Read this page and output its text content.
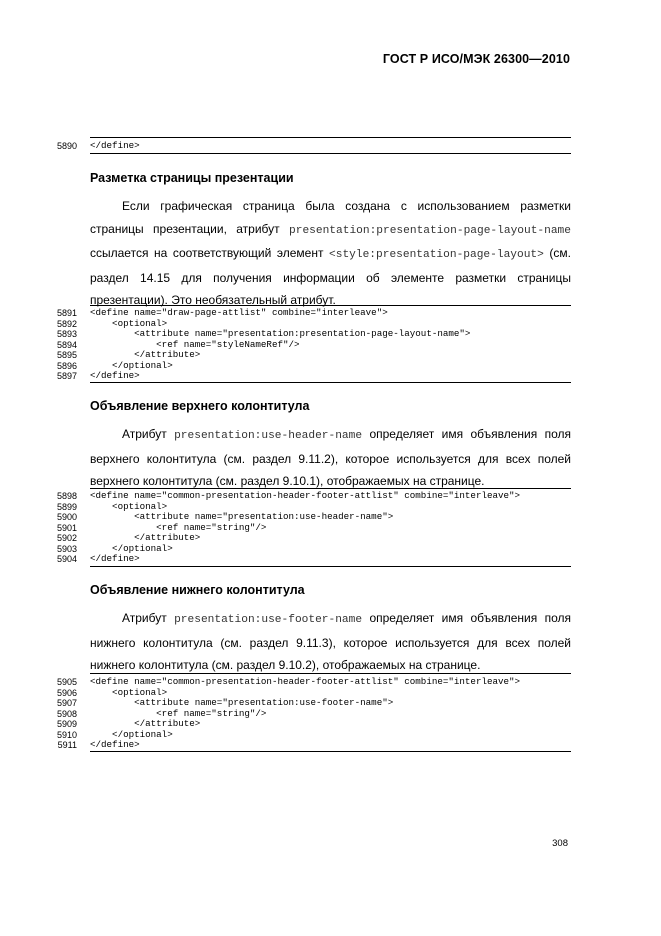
ГОСТ Р ИСО/МЭК 26300—2010
5890 </define>
Разметка страницы презентации
Если графическая страница была создана с использованием разметки страницы презентации, атрибут presentation:presentation-page-layout-name ссылается на соответствующий элемент <style:presentation-page-layout> (см. раздел 14.15 для получения информации об элементе разметки страницы презентации). Это необязательный атрибут.
5891
5892
5893
5894
5895
5896
5897
<define name="draw-page-attlist" combine="interleave">
<optional>
<attribute name="presentation:presentation-page-layout-name">
<ref name="styleNameRef"/>
</attribute>
</optional>
</define>
Объявление верхнего колонтитула
Атрибут presentation:use-header-name определяет имя объявления поля верхнего колонтитула (см. раздел 9.11.2), которое используется для всех полей верхнего колонтитула (см. раздел 9.10.1), отображаемых на странице.
5898
5899
5900
5901
5902
5903
5904
<define name="common-presentation-header-footer-attlist" combine="interleave">
<optional>
<attribute name="presentation:use-header-name">
<ref name="string"/>
</attribute>
</optional>
</define>
Объявление нижнего колонтитула
Атрибут presentation:use-footer-name определяет имя объявления поля нижнего колонтитула (см. раздел 9.11.3), которое используется для всех полей нижнего колонтитула (см. раздел 9.10.2), отображаемых на странице.
5905
5906
5907
5908
5909
5910
5911
<define name="common-presentation-header-footer-attlist" combine="interleave">
<optional>
<attribute name="presentation:use-footer-name">
<ref name="string"/>
</attribute>
</optional>
</define>
308
